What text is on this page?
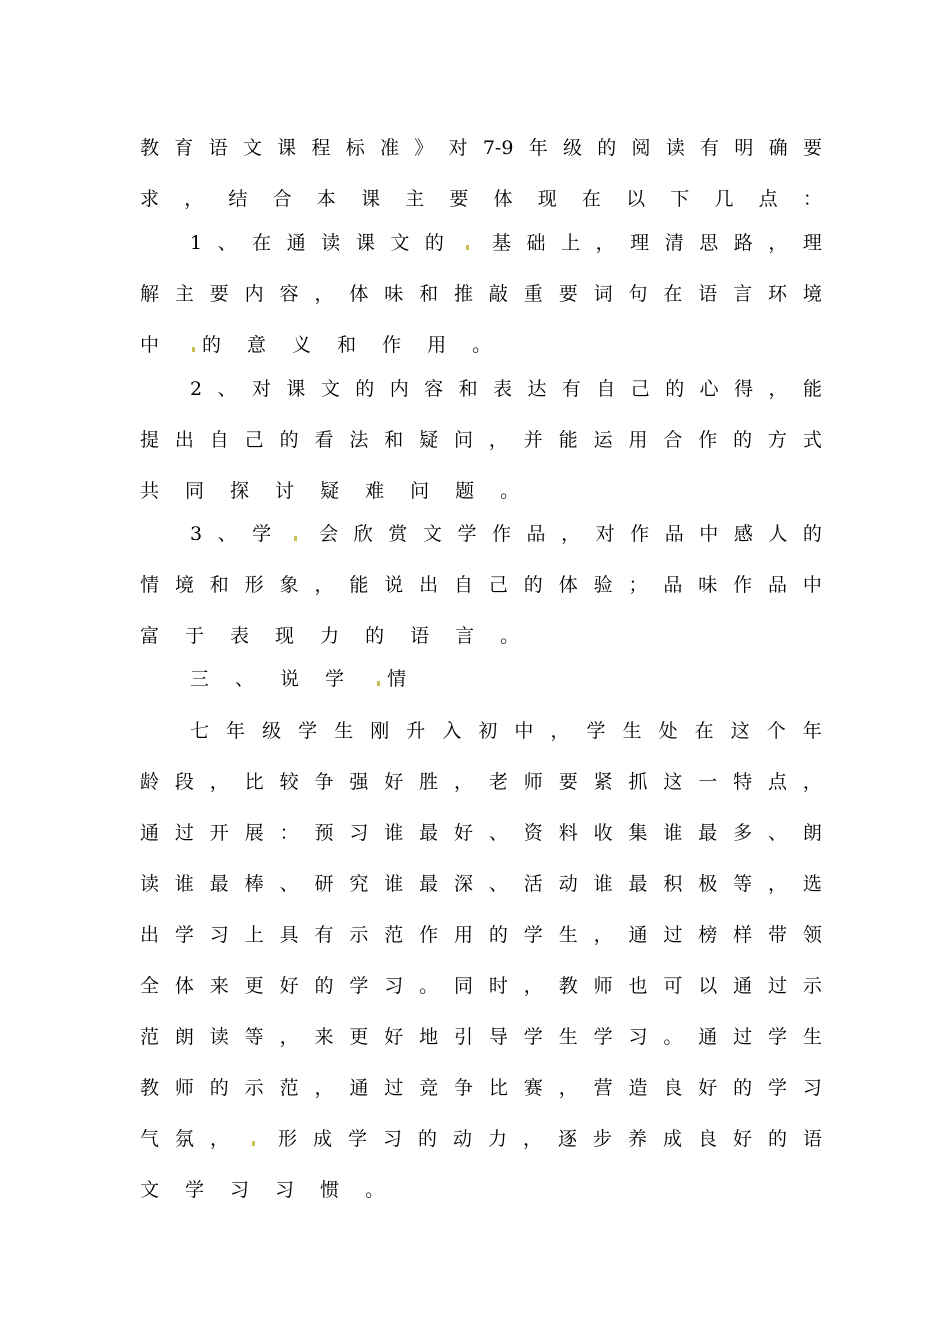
教 育 语 文 课 程 标 准 》 对 7-9 年 级 的 阅 读 有 明 确 要
求 ， 结 合 本 课 主 要 体 现 在 以 下 几 点 ：
1 、 在 通 读 课 文 的	基 础 上 ， 理 清 思 路 ， 理
解 主 要 内 容 ， 体 味 和 推 敲 重 要 词 句 在 语 言 环 境
中 的 意 义 和 作 用 。
2 、 对 课 文 的 内 容 和 表 达 有 自 己 的 心 得 ， 能
提 出 自 己 的 看 法 和 疑 问 ， 并 能 运 用 合 作 的 方 式
共 同 探 讨 疑 难 问 题 。
3 、 学	会 欣 赏 文 学 作 品 ， 对 作 品 中 感 人 的
情 境 和 形 象 ， 能 说 出 自 己 的 体 验 ； 品 味 作 品 中
富 于 表 现 力 的 语 言 。
三 、 说 学 情
七 年 级 学 生 刚 升 入 初 中 ， 学 生 处 在 这 个 年
龄 段 ， 比 较 争 强 好 胜 ， 老 师 要 紧 抓 这 一 特 点 ，
通 过 开 展 ： 预 习 谁 最 好 、 资 料 收 集 谁 最 多 、 朗
读 谁 最 棒 、 研 究 谁 最 深 、 活 动 谁 最 积 极 等 ， 选
出 学 习 上 具 有 示 范 作 用 的 学 生 ， 通 过 榜 样 带 领
全 体 来 更 好 的 学 习 。 同 时 ， 教 师 也 可 以 通 过 示
范 朗 读 等 ， 来 更 好 地 引 导 学 生 学 习 。 通 过 学 生
教 师 的 示 范 ， 通 过 竞 争 比 赛 ， 营 造 良 好 的 学 习
气 氛 ，	形 成 学 习 的 动 力 ， 逐 步 养 成 良 好 的 语
文 学 习 习 惯 。
